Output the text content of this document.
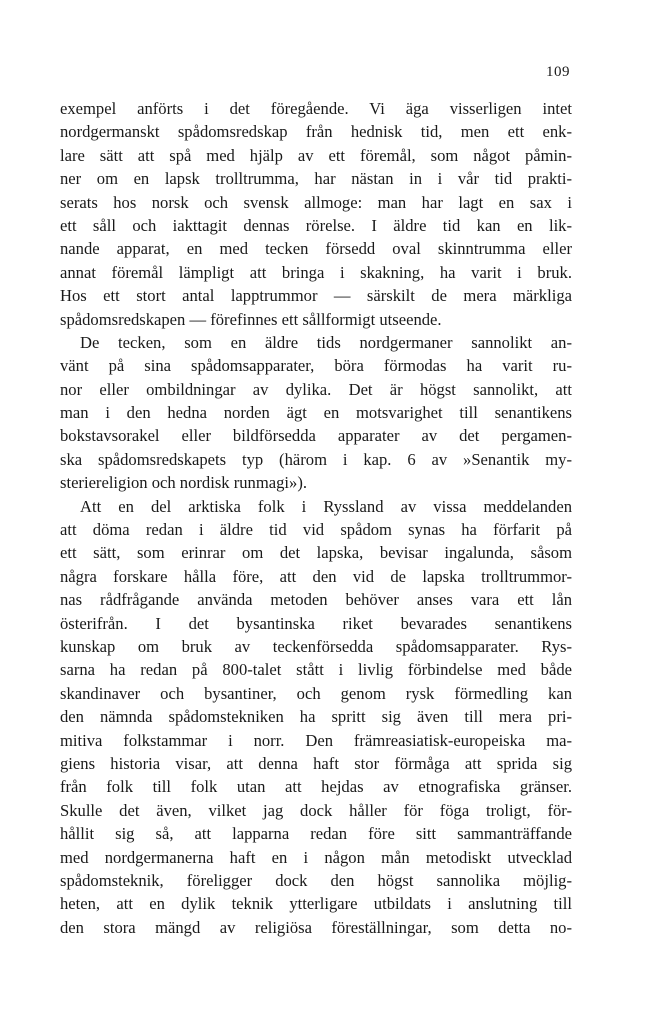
109
exempel anförts i det föregående. Vi äga visserligen intet
nordgermanskt spådomsredskap från hednisk tid, men ett enk-
lare sätt att spå med hjälp av ett föremål, som något påmin-
ner om en lapsk trolltrumma, har nästan in i vår tid prakti-
serats hos norsk och svensk allmoge: man har lagt en sax i
ett såll och iakttagit dennas rörelse. I äldre tid kan en lik-
nande apparat, en med tecken försedd oval skinntrumma eller
annat föremål lämpligt att bringa i skakning, ha varit i bruk.
Hos ett stort antal lapptrummor — särskilt de mera märkliga
spådomsredskapen — förefinnes ett sållformigt utseende.
De tecken, som en äldre tids nordgermaner sannolikt an-
vänt på sina spådomsapparater, böra förmodas ha varit ru-
nor eller ombildningar av dylika. Det är högst sannolikt, att
man i den hedna norden ägt en motsvarighet till senantikens
bokstavsorakel eller bildförsedda apparater av det pergamen-
ska spådomsredskapets typ (härom i kap. 6 av »Senantik my-
steriereligion och nordisk runmagi»).
Att en del arktiska folk i Ryssland av vissa meddelanden
att döma redan i äldre tid vid spådom synas ha förfarit på
ett sätt, som erinrar om det lapska, bevisar ingalunda, såsom
några forskare hålla före, att den vid de lapska trolltrummor-
nas rådfrågande använda metoden behöver anses vara ett lån
österifrån. I det bysantinska riket bevarades senantikens
kunskap om bruk av teckenförsedda spådomsapparater. Rys-
sarna ha redan på 800-talet stått i livlig förbindelse med både
skandinaver och bysantiner, och genom rysk förmedling kan
den nämnda spådomstekniken ha spritt sig även till mera pri-
mitiva folkstammar i norr. Den främreasiatisk-europeiska ma-
giens historia visar, att denna haft stor förmåga att sprida sig
från folk till folk utan att hejdas av etnografiska gränser.
Skulle det även, vilket jag dock håller för föga troligt, för-
hållit sig så, att lapparna redan före sitt sammanträffande
med nordgermanerna haft en i någon mån metodiskt utvecklad
spådomsteknik, föreligger dock den högst sannolika möjlig-
heten, att en dylik teknik ytterligare utbildats i anslutning till
den stora mängd av religiösa föreställningar, som detta no-
